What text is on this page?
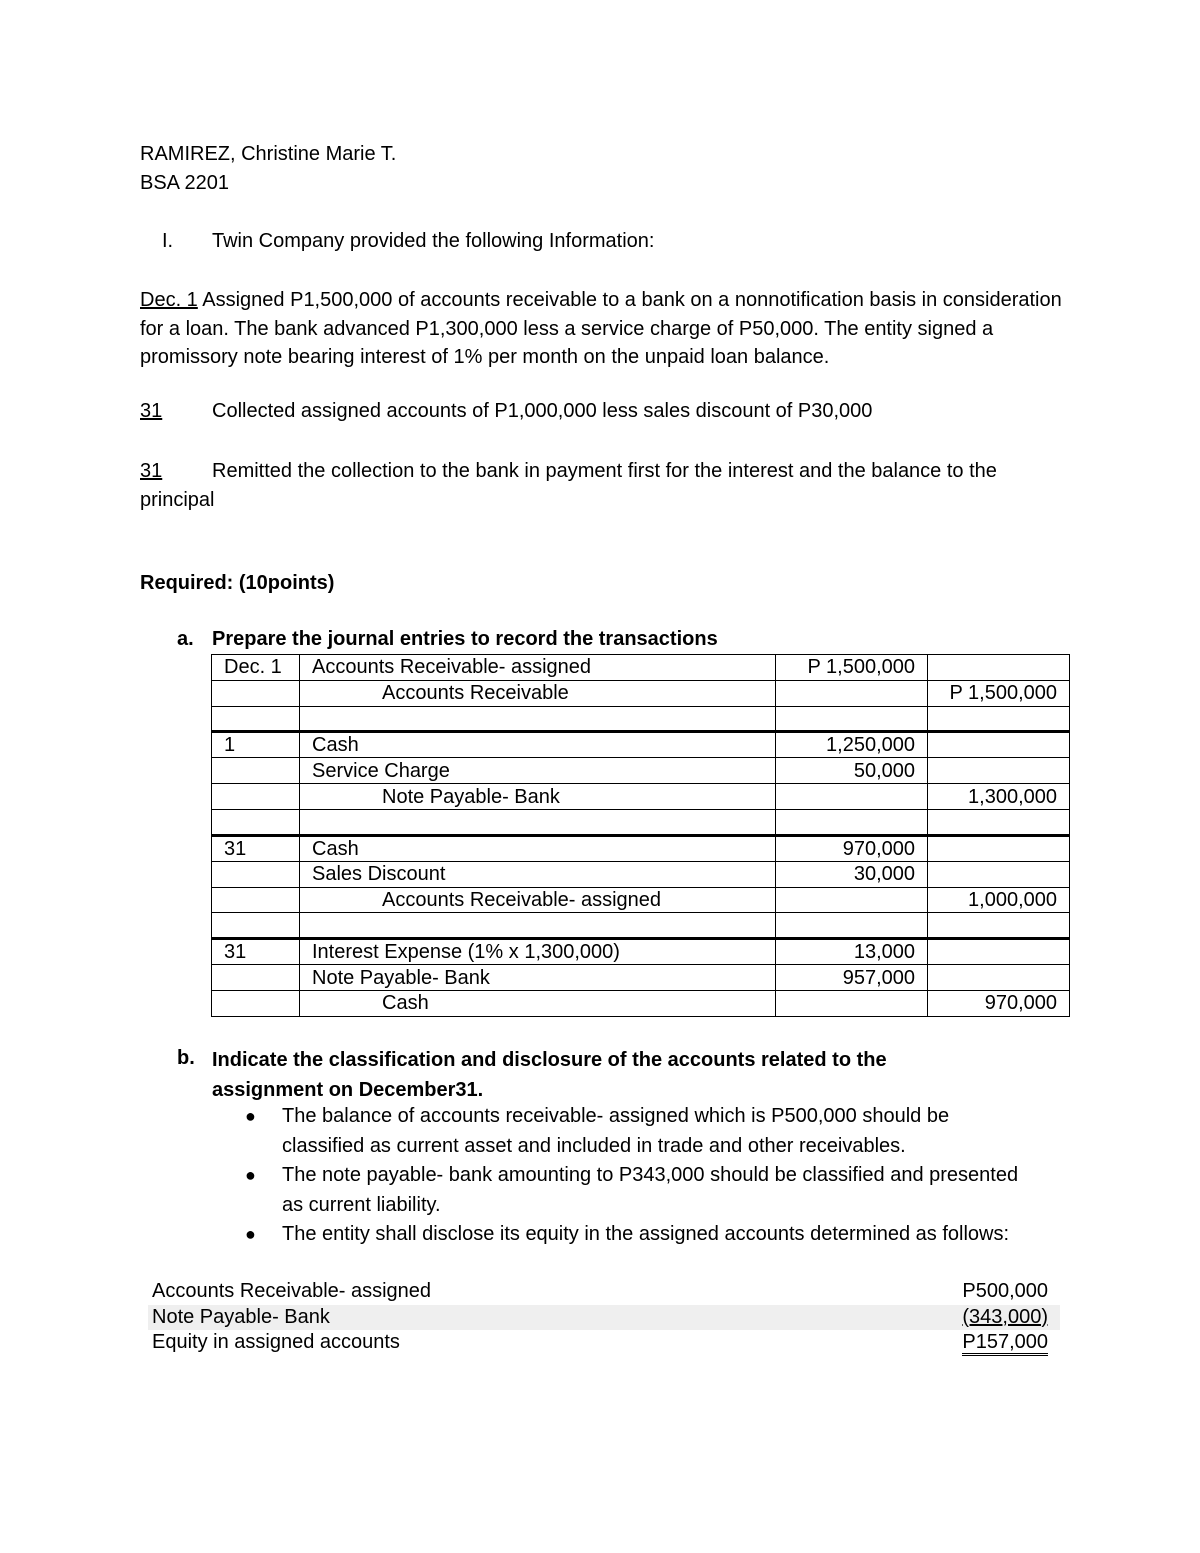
RAMIREZ, Christine Marie T.
BSA 2201
I. Twin Company provided the following Information:
Dec. 1 Assigned P1,500,000 of accounts receivable to a bank on a nonnotification basis in consideration for a loan. The bank advanced P1,300,000 less a service charge of P50,000. The entity signed a promissory note bearing interest of 1% per month on the unpaid loan balance.
31 Collected assigned accounts of P1,000,000 less sales discount of P30,000
31 Remitted the collection to the bank in payment first for the interest and the balance to the principal
Required: (10points)
a. Prepare the journal entries to record the transactions
Dec. 1	Accounts Receivable- assigned	P 1,500,000	
	Accounts Receivable		P 1,500,000

1	Cash	1,250,000	
	Service Charge	50,000	
	Note Payable- Bank		1,300,000

31	Cash	970,000	
	Sales Discount	30,000	
	Accounts Receivable- assigned		1,000,000

31	Interest Expense (1% x 1,300,000)	13,000	
	Note Payable- Bank	957,000	
	Cash		970,000
b. Indicate the classification and disclosure of the accounts related to the assignment on December31.
● The balance of accounts receivable- assigned which is P500,000 should be classified as current asset and included in trade and other receivables.
● The note payable- bank amounting to P343,000 should be classified and presented as current liability.
● The entity shall disclose its equity in the assigned accounts determined as follows:
Accounts Receivable- assigned	P500,000
Note Payable- Bank	(343,000)
Equity in assigned accounts	P157,000
